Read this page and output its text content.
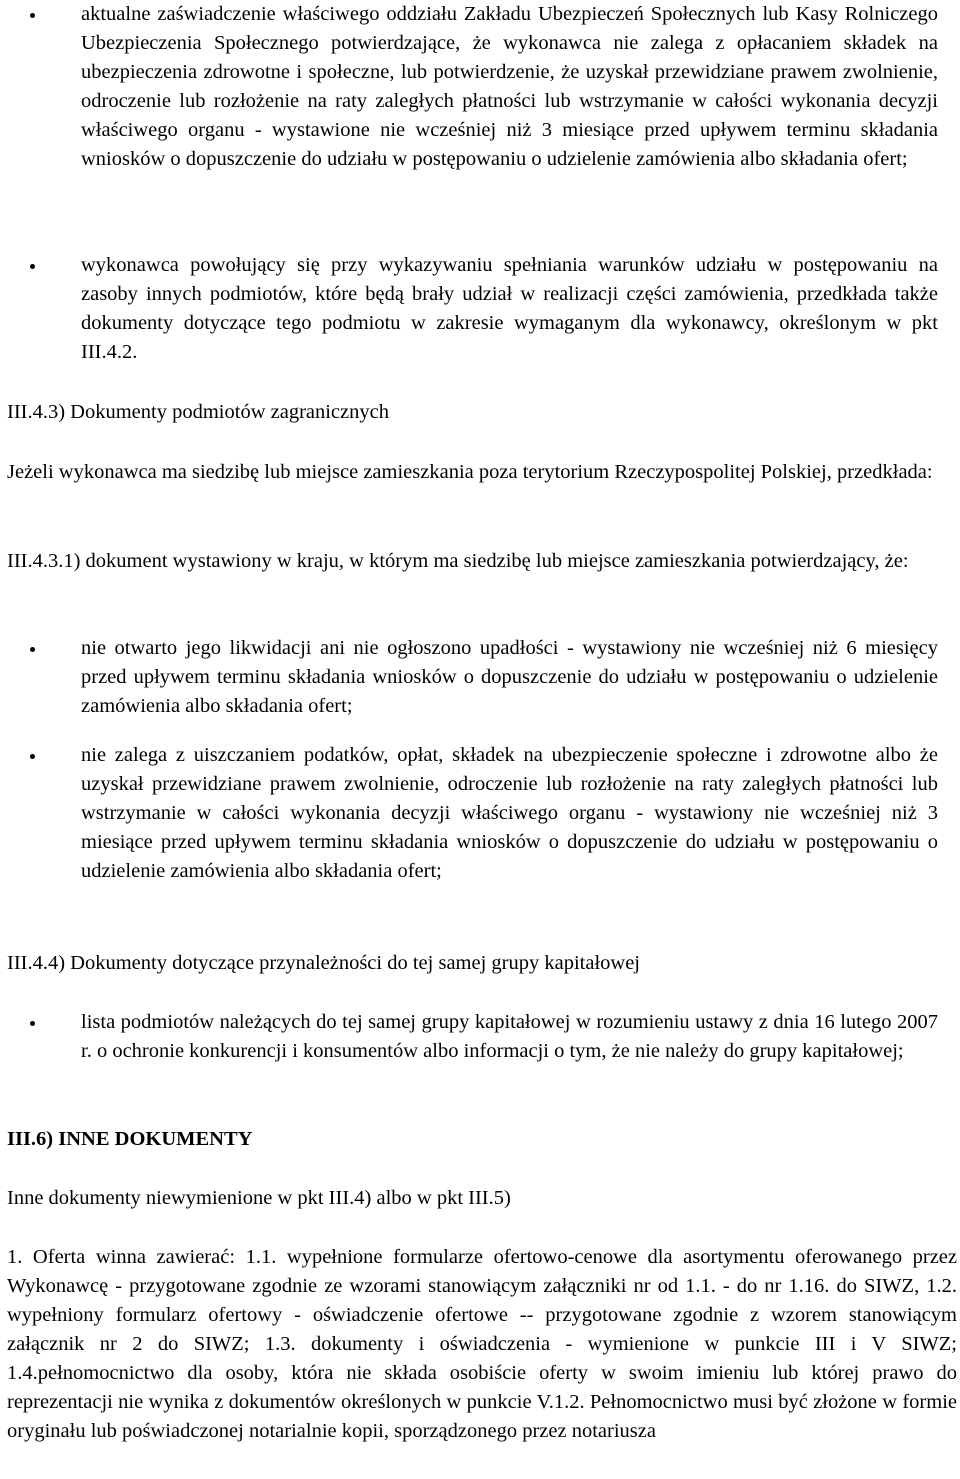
aktualne zaświadczenie właściwego oddziału Zakładu Ubezpieczeń Społecznych lub Kasy Rolniczego Ubezpieczenia Społecznego potwierdzające, że wykonawca nie zalega z opłacaniem składek na ubezpieczenia zdrowotne i społeczne, lub potwierdzenie, że uzyskał przewidziane prawem zwolnienie, odroczenie lub rozłożenie na raty zaległych płatności lub wstrzymanie w całości wykonania decyzji właściwego organu - wystawione nie wcześniej niż 3 miesiące przed upływem terminu składania wniosków o dopuszczenie do udziału w postępowaniu o udzielenie zamówienia albo składania ofert;
wykonawca powołujący się przy wykazywaniu spełniania warunków udziału w postępowaniu na zasoby innych podmiotów, które będą brały udział w realizacji części zamówienia, przedkłada także dokumenty dotyczące tego podmiotu w zakresie wymaganym dla wykonawcy, określonym w pkt III.4.2.
III.4.3) Dokumenty podmiotów zagranicznych
Jeżeli wykonawca ma siedzibę lub miejsce zamieszkania poza terytorium Rzeczypospolitej Polskiej, przedkłada:
III.4.3.1) dokument wystawiony w kraju, w którym ma siedzibę lub miejsce zamieszkania potwierdzający, że:
nie otwarto jego likwidacji ani nie ogłoszono upadłości - wystawiony nie wcześniej niż 6 miesięcy przed upływem terminu składania wniosków o dopuszczenie do udziału w postępowaniu o udzielenie zamówienia albo składania ofert;
nie zalega z uiszczaniem podatków, opłat, składek na ubezpieczenie społeczne i zdrowotne albo że uzyskał przewidziane prawem zwolnienie, odroczenie lub rozłożenie na raty zaległych płatności lub wstrzymanie w całości wykonania decyzji właściwego organu - wystawiony nie wcześniej niż 3 miesiące przed upływem terminu składania wniosków o dopuszczenie do udziału w postępowaniu o udzielenie zamówienia albo składania ofert;
III.4.4) Dokumenty dotyczące przynależności do tej samej grupy kapitałowej
lista podmiotów należących do tej samej grupy kapitałowej w rozumieniu ustawy z dnia 16 lutego 2007 r. o ochronie konkurencji i konsumentów albo informacji o tym, że nie należy do grupy kapitałowej;
III.6) INNE DOKUMENTY
Inne dokumenty niewymienione w pkt III.4) albo w pkt III.5)
1. Oferta winna zawierać: 1.1. wypełnione formularze ofertowo-cenowe dla asortymentu oferowanego przez Wykonawcę - przygotowane zgodnie ze wzorami stanowiącym załączniki nr od 1.1. - do nr 1.16. do SIWZ, 1.2. wypełniony formularz ofertowy - oświadczenie ofertowe -- przygotowane zgodnie z wzorem stanowiącym załącznik nr 2 do SIWZ; 1.3. dokumenty i oświadczenia - wymienione w punkcie III i V SIWZ; 1.4.pełnomocnictwo dla osoby, która nie składa osobiście oferty w swoim imieniu lub której prawo do reprezentacji nie wynika z dokumentów określonych w punkcie V.1.2. Pełnomocnictwo musi być złożone w formie oryginału lub poświadczonej notarialnie kopii, sporządzonego przez notariusza
